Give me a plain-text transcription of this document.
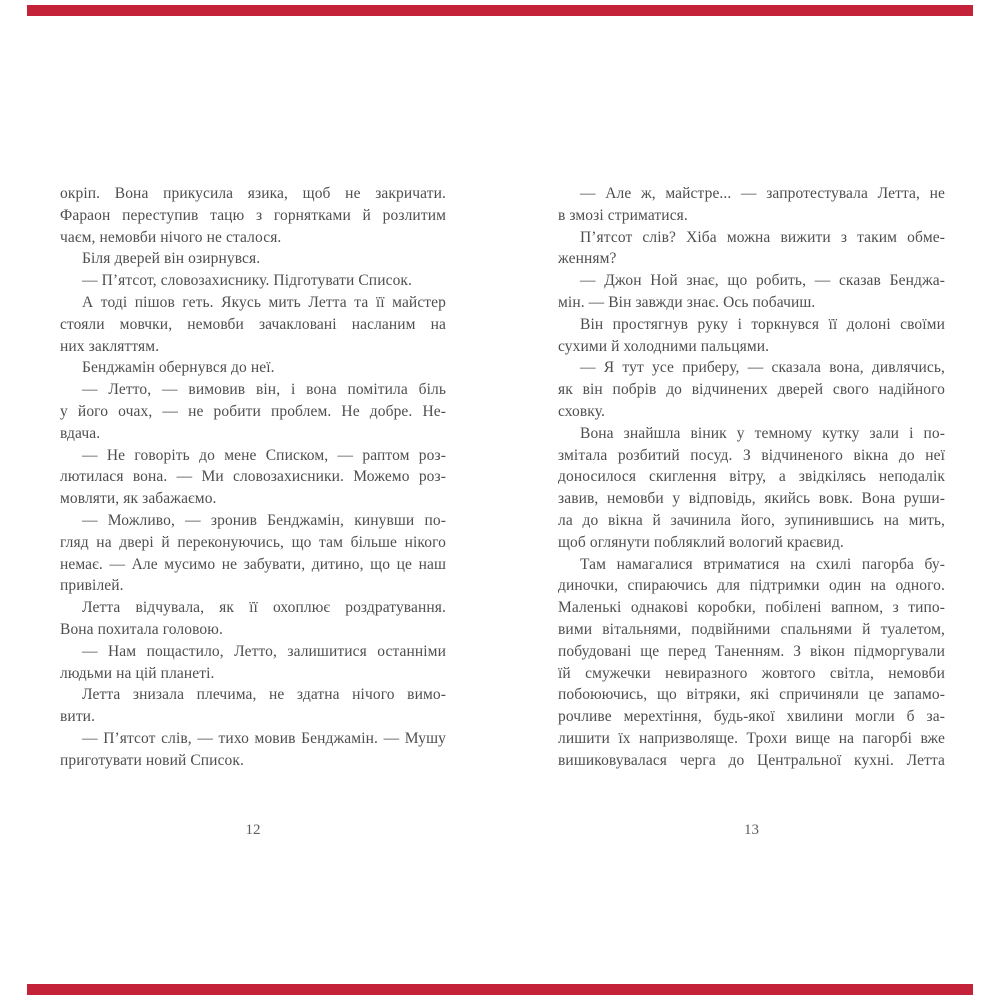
окріп. Вона прикусила язика, щоб не закричати.
Фараон переступив тацю з горнятками й розлитим
чаєм, немовби нічого не сталося.
Біля дверей він озирнувся.
— П’ятсот, словозахиснику. Підготувати Список.
А тоді пішов геть. Якусь мить Летта та її майстер
стояли мовчки, немовби зачакловані насланим на
них закляттям.
Бенджамін обернувся до неї.
— Летто, — вимовив він, і вона помітила біль
у його очах, — не робити проблем. Не добре. Не-
вдача.
— Не говоріть до мене Списком, — раптом роз-
лютилася вона. — Ми словозахисники. Можемо роз-
мовляти, як забажаємо.
— Можливо, — зронив Бенджамін, кинувши по-
гляд на двері й переконуючись, що там більше нікого
немає. — Але мусимо не забувати, дитино, що це наш
привілей.
Летта відчувала, як її охоплює роздратування.
Вона похитала головою.
— Нам пощастило, Летто, залишитися останніми
людьми на цій планеті.
Летта знизала плечима, не здатна нічого вимо-
вити.
— П’ятсот слів, — тихо мовив Бенджамін. — Мушу
приготувати новий Список.
12
— Але ж, майстре... — запротестувала Летта, не
в змозі стриматися.
П’ятсот слів? Хіба можна вижити з таким обме-
женням?
— Джон Ной знає, що робить, — сказав Бенджа-
мін. — Він завжди знає. Ось побачиш.
Він простягнув руку і торкнувся її долоні своїми
сухими й холодними пальцями.
— Я тут усе приберу, — сказала вона, дивлячись,
як він побрів до відчинених дверей свого надійного
сховку.
Вона знайшла віник у темному кутку зали і по-
змітала розбитий посуд. З відчиненого вікна до неї
доносилося скиглення вітру, а звідкілясь неподалік
завив, немовби у відповідь, якийсь вовк. Вона руши-
ла до вікна й зачинила його, зупинившись на мить,
щоб оглянути побляклий вологий краєвид.
Там намагалися втриматися на схилі пагорба бу-
диночки, спираючись для підтримки один на одного.
Маленькі однакові коробки, побілені вапном, з типо-
вими вітальнями, подвійними спальнями й туалетом,
побудовані ще перед Таненням. З вікон підморгували
їй смужечки невиразного жовтого світла, немовби
побоюючись, що вітряки, які спричиняли це запамо-
рочливе мерехтіння, будь-якої хвилини могли б за-
лишити їх напризволяще. Трохи вище на пагорбі вже
вишиковувалася черга до Центральної кухні. Летта
13
